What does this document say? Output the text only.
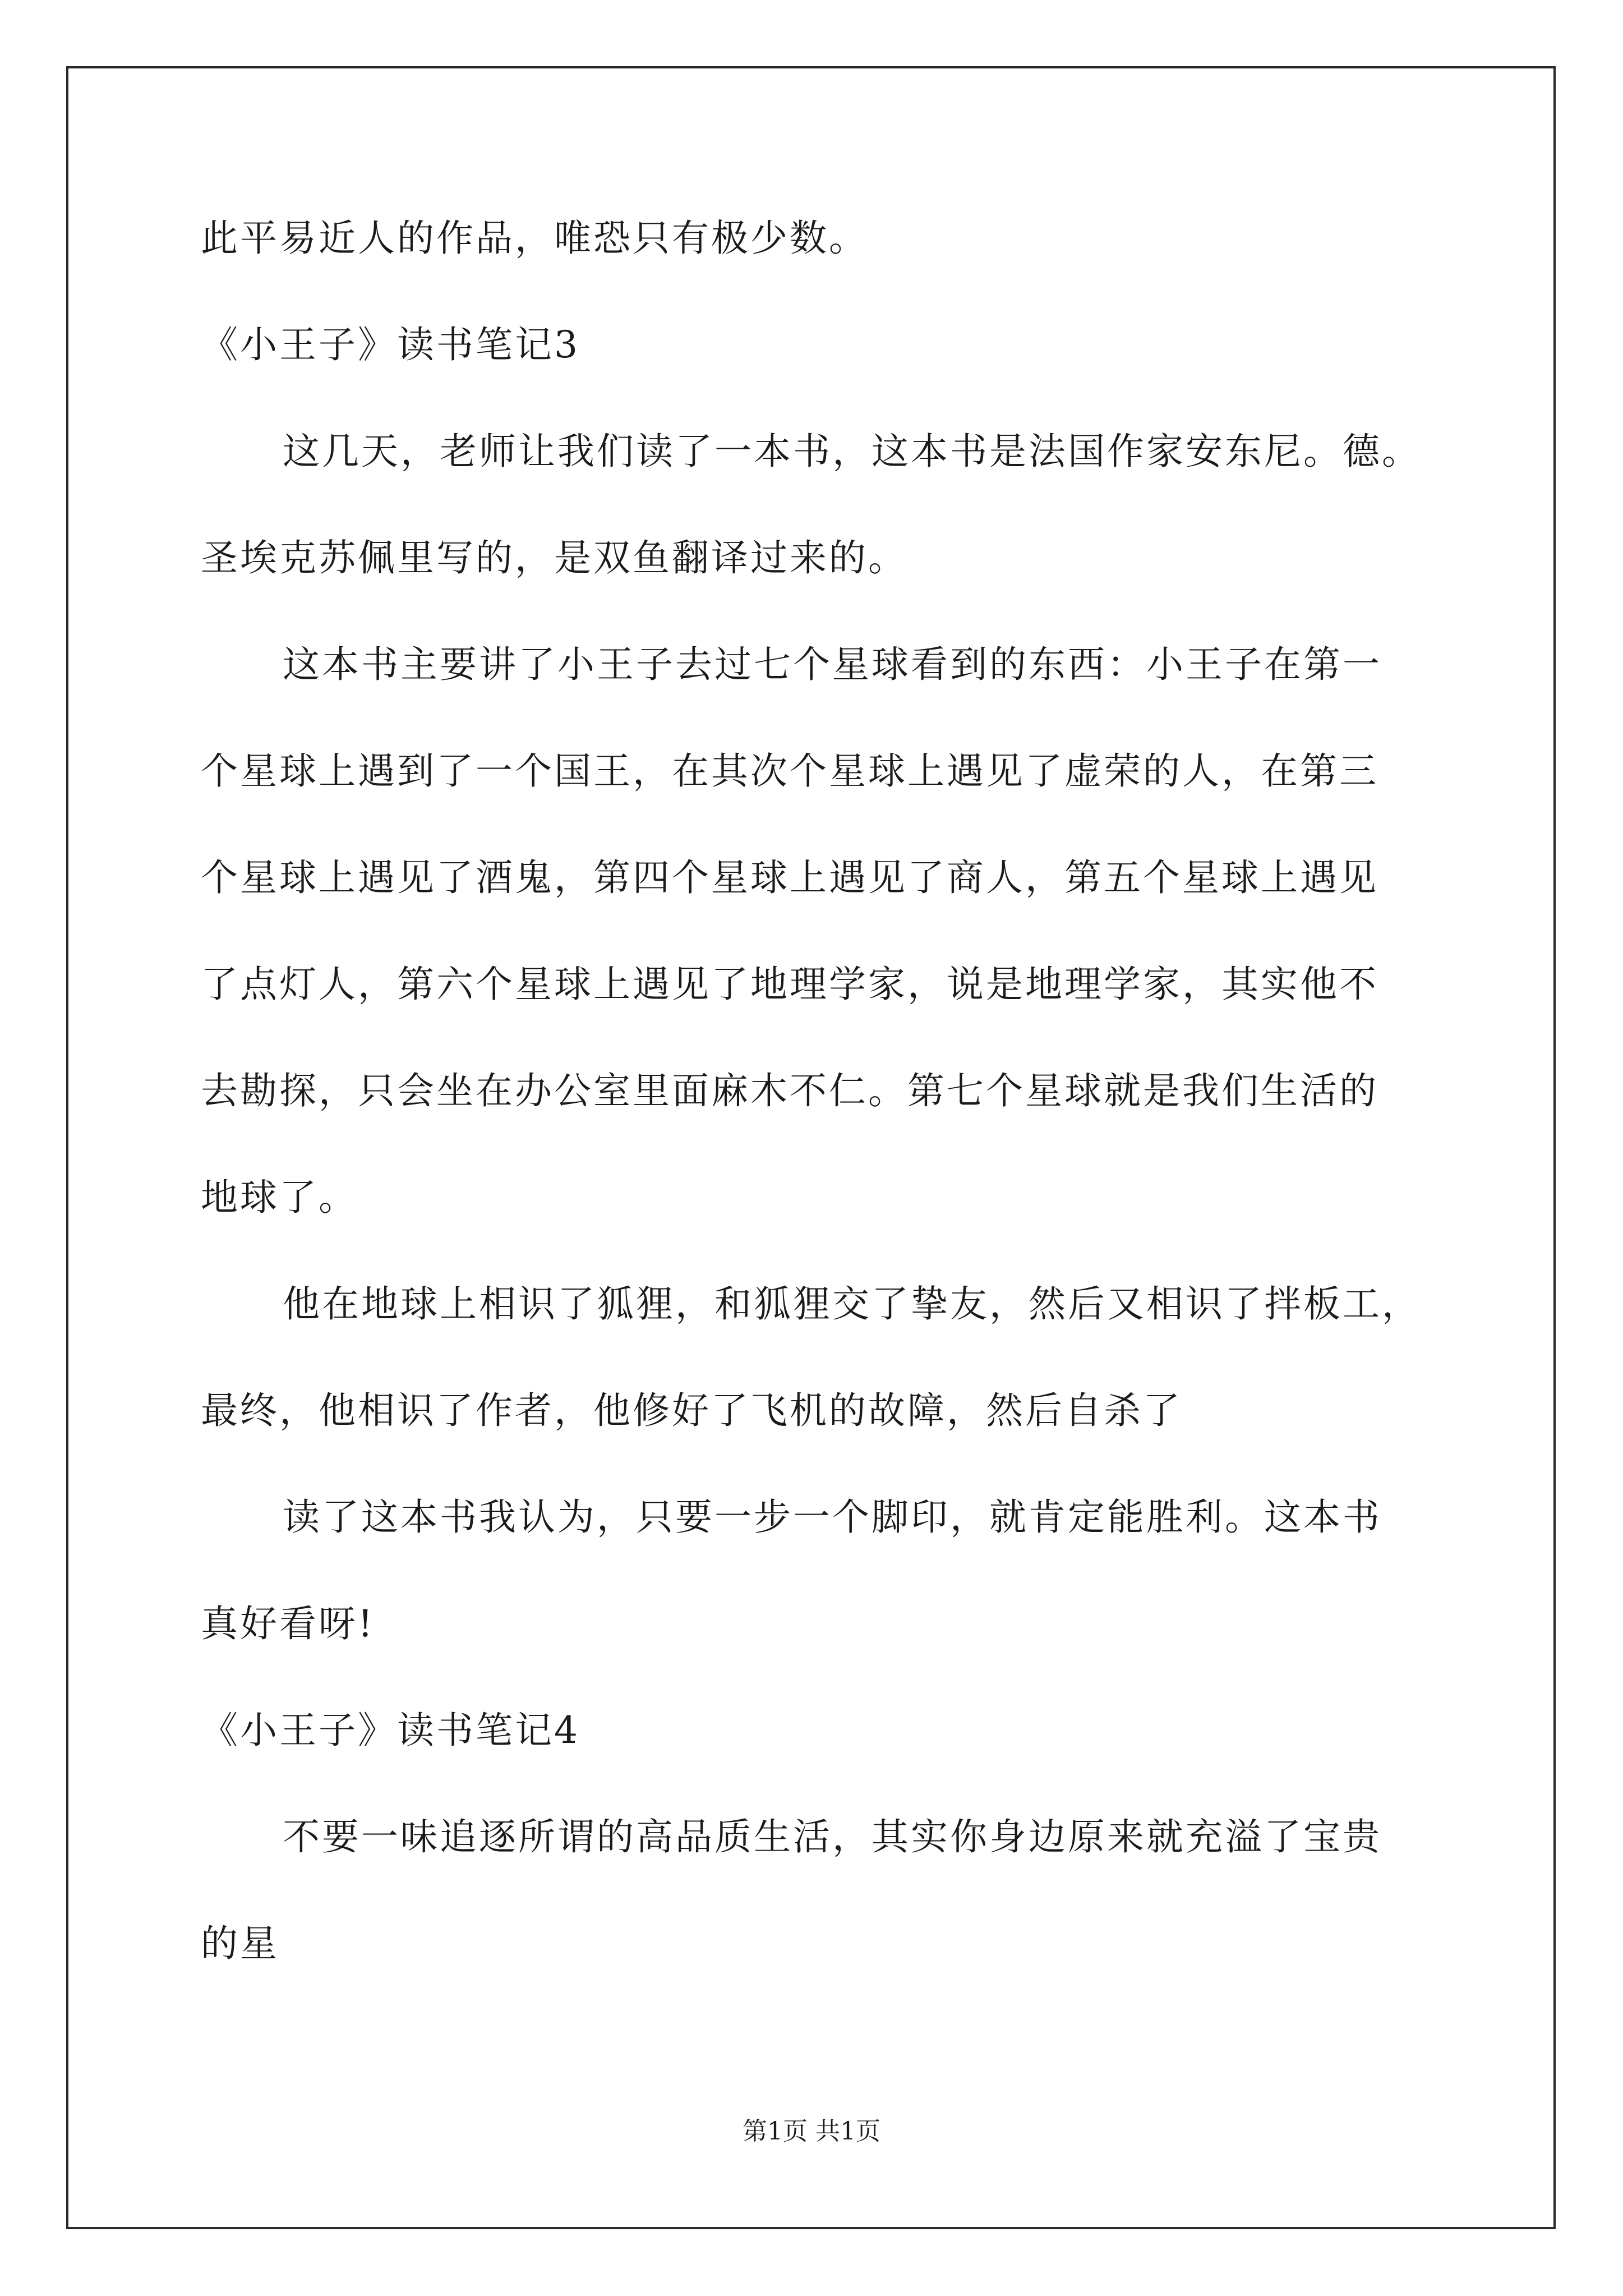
此平易近人的作品，唯恐只有极少数。
《小王子》读书笔记3
这几天，老师让我们读了一本书，这本书是法国作家安东尼。德。
圣埃克苏佩里写的，是双鱼翻译过来的。
这本书主要讲了小王子去过七个星球看到的东西：小王子在第一
个星球上遇到了一个国王，在其次个星球上遇见了虚荣的人，在第三
个星球上遇见了酒鬼，第四个星球上遇见了商人，第五个星球上遇见
了点灯人，第六个星球上遇见了地理学家，说是地理学家，其实他不
去勘探，只会坐在办公室里面麻木不仁。第七个星球就是我们生活的
地球了。
他在地球上相识了狐狸，和狐狸交了挚友，然后又相识了拌板工，
最终，他相识了作者，他修好了飞机的故障，然后自杀了
读了这本书我认为，只要一步一个脚印，就肯定能胜利。这本书
真好看呀!
《小王子》读书笔记4
不要一味追逐所谓的高品质生活，其实你身边原来就充溢了宝贵
的星
第1页 共1页
